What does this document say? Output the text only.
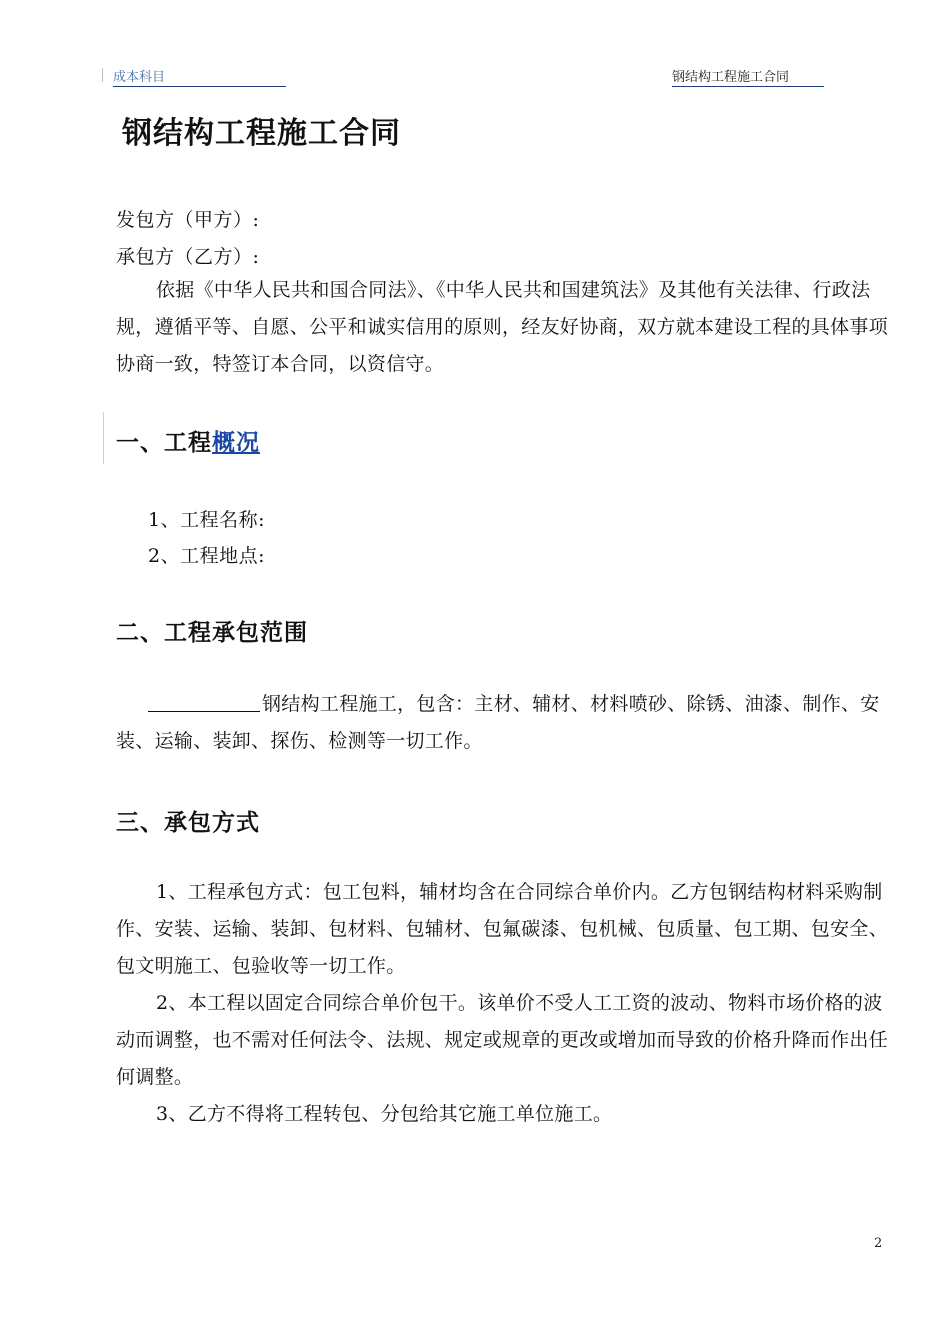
成本科目	钢结构工程施工合同
钢结构工程施工合同
发包方（甲方）:
承包方（乙方）:
依据《中华人民共和国合同法》、《中华人民共和国建筑法》及其他有关法律、行政法规，遵循平等、自愿、公平和诚实信用的原则，经友好协商，双方就本建设工程的具体事项协商一致，特签订本合同，以资信守。
一、工程概况
1、工程名称:
2、工程地点:
二、工程承包范围
钢结构工程施工，包含：主材、辅材、材料喷砂、除锈、油漆、制作、安装、运输、装卸、探伤、检测等一切工作。
三、承包方式
1、工程承包方式：包工包料，辅材均含在合同综合单价内。乙方包钢结构材料采购制作、安装、运输、装卸、包材料、包辅材、包氟碳漆、包机械、包质量、包工期、包安全、包文明施工、包验收等一切工作。
2、本工程以固定合同综合单价包干。该单价不受人工工资的波动、物料市场价格的波动而调整，也不需对任何法令、法规、规定或规章的更改或增加而导致的价格升降而作出任何调整。
3、乙方不得将工程转包、分包给其它施工单位施工。
2
